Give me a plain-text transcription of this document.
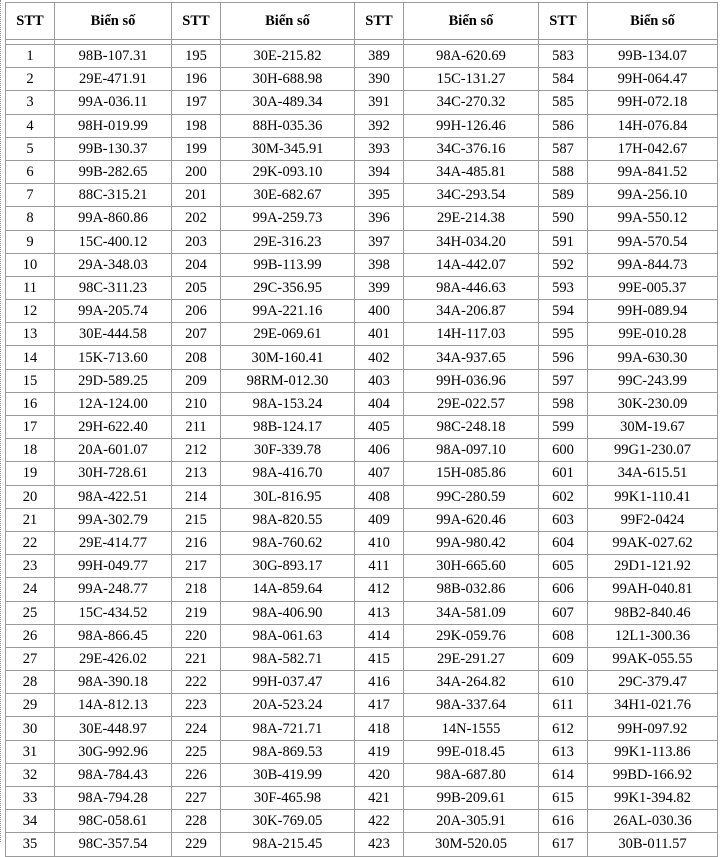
STT	Biển số	STT	Biển số	STT	Biển số	STT	Biển số

1	98B-107.31	195	30E-215.82	389	98A-620.69	583	99B-134.07
2	29E-471.91	196	30H-688.98	390	15C-131.27	584	99H-064.47
3	99A-036.11	197	30A-489.34	391	34C-270.32	585	99H-072.18
4	98H-019.99	198	88H-035.36	392	99H-126.46	586	14H-076.84
5	99B-130.37	199	30M-345.91	393	34C-376.16	587	17H-042.67
6	99B-282.65	200	29K-093.10	394	34A-485.81	588	99A-841.52
7	88C-315.21	201	30E-682.67	395	34C-293.54	589	99A-256.10
8	99A-860.86	202	99A-259.73	396	29E-214.38	590	99A-550.12
9	15C-400.12	203	29E-316.23	397	34H-034.20	591	99A-570.54
10	29A-348.03	204	99B-113.99	398	14A-442.07	592	99A-844.73
11	98C-311.23	205	29C-356.95	399	98A-446.63	593	99E-005.37
12	99A-205.74	206	99A-221.16	400	34A-206.87	594	99H-089.94
13	30E-444.58	207	29E-069.61	401	14H-117.03	595	99E-010.28
14	15K-713.60	208	30M-160.41	402	34A-937.65	596	99A-630.30
15	29D-589.25	209	98RM-012.30	403	99H-036.96	597	99C-243.99
16	12A-124.00	210	98A-153.24	404	29E-022.57	598	30K-230.09
17	29H-622.40	211	98B-124.17	405	98C-248.18	599	30M-19.67
18	20A-601.07	212	30F-339.78	406	98A-097.10	600	99G1-230.07
19	30H-728.61	213	98A-416.70	407	15H-085.86	601	34A-615.51
20	98A-422.51	214	30L-816.95	408	99C-280.59	602	99K1-110.41
21	99A-302.79	215	98A-820.55	409	99A-620.46	603	99F2-0424
22	29E-414.77	216	98A-760.62	410	99A-980.42	604	99AK-027.62
23	99H-049.77	217	30G-893.17	411	30H-665.60	605	29D1-121.92
24	99A-248.77	218	14A-859.64	412	98B-032.86	606	99AH-040.81
25	15C-434.52	219	98A-406.90	413	34A-581.09	607	98B2-840.46
26	98A-866.45	220	98A-061.63	414	29K-059.76	608	12L1-300.36
27	29E-426.02	221	98A-582.71	415	29E-291.27	609	99AK-055.55
28	98A-390.18	222	99H-037.47	416	34A-264.82	610	29C-379.47
29	14A-812.13	223	20A-523.24	417	98A-337.64	611	34H1-021.76
30	30E-448.97	224	98A-721.71	418	14N-1555	612	99H-097.92
31	30G-992.96	225	98A-869.53	419	99E-018.45	613	99K1-113.86
32	98A-784.43	226	30B-419.99	420	98A-687.80	614	99BD-166.92
33	98A-794.28	227	30F-465.98	421	99B-209.61	615	99K1-394.82
34	98C-058.61	228	30K-769.05	422	20A-305.91	616	26AL-030.36
35	98C-357.54	229	98A-215.45	423	30M-520.05	617	30B-011.57
